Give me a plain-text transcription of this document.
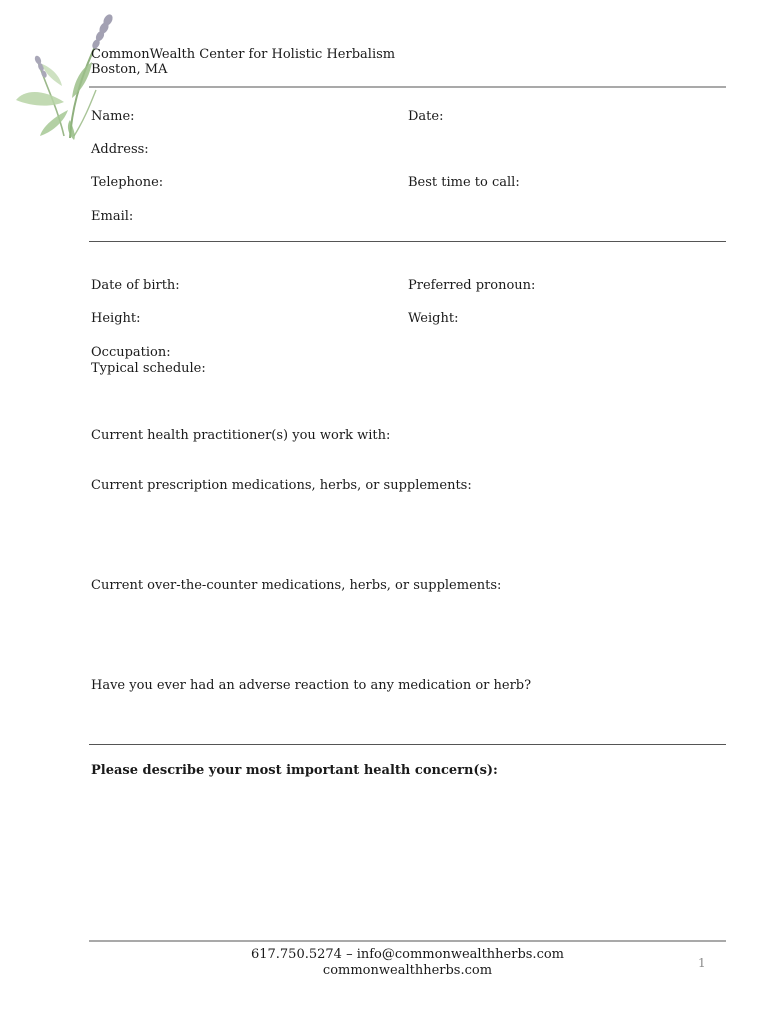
CommonWealth Center for Holistic Herbalism
Boston, MA
Name:	Date:
Address:
Telephone:	Best time to call:
Email:
Date of birth:	Preferred pronoun:
Height:	Weight:
Occupation:
Typical schedule:
Current health practitioner(s) you work with:
Current prescription medications, herbs, or supplements:
Current over-the-counter medications, herbs, or supplements:
Have you ever had an adverse reaction to any medication or herb?
Please describe your most important health concern(s):
617.750.5274 – info@commonwealthherbs.com
commonwealthherbs.com	1
